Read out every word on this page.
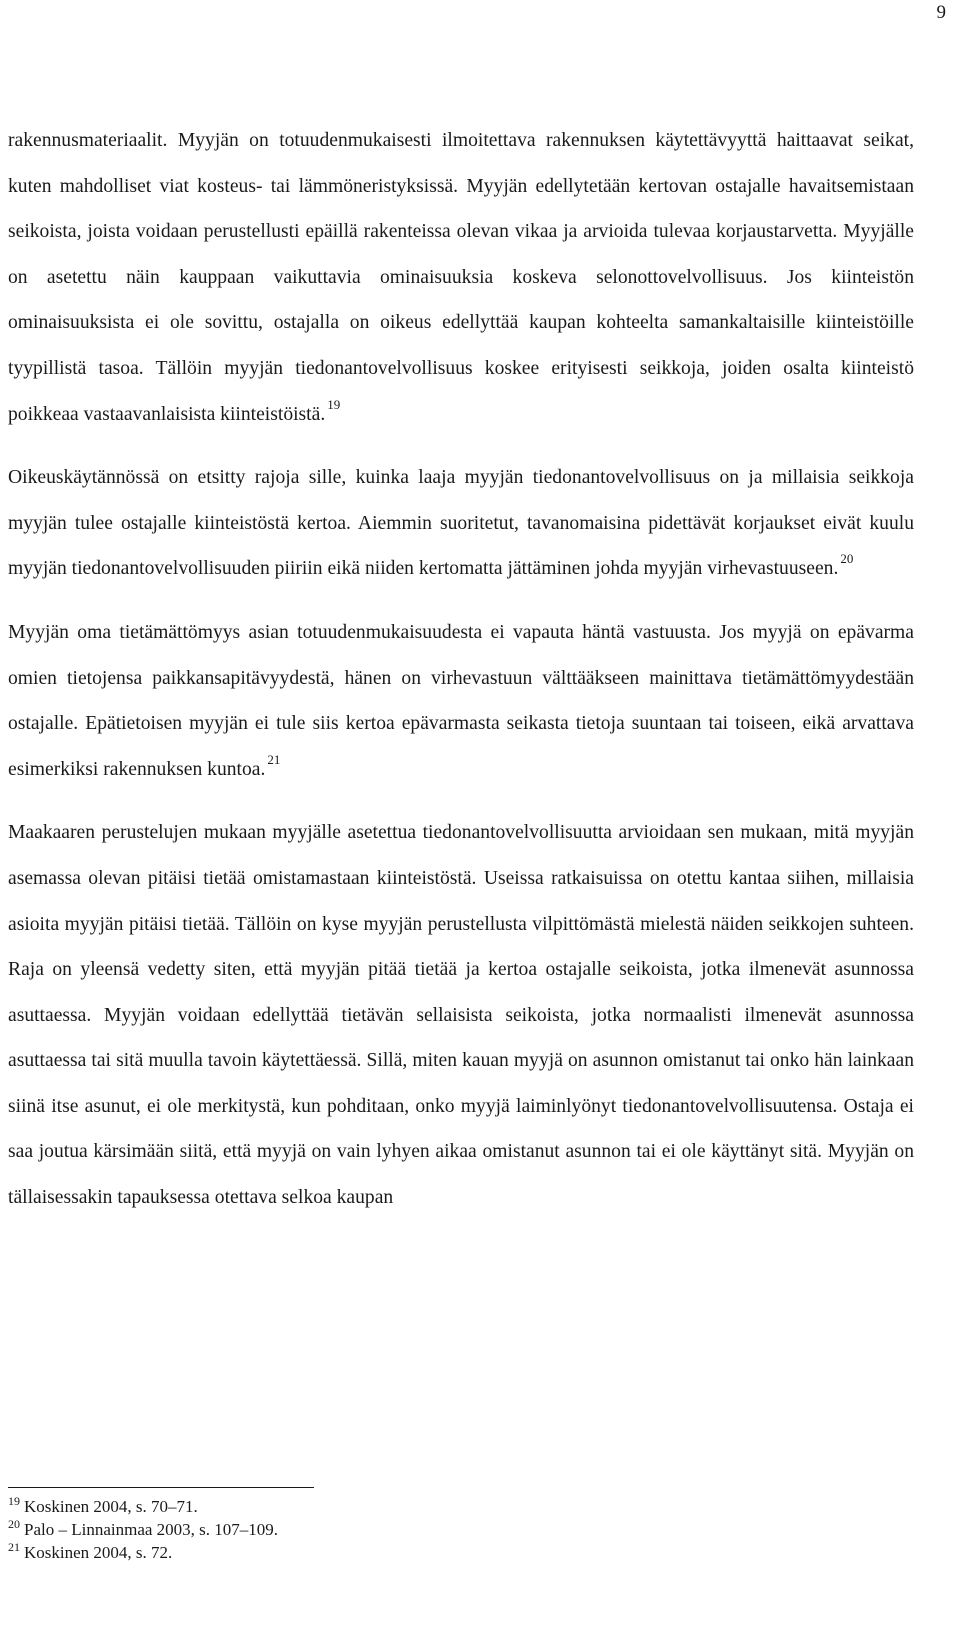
9

rakennusmateriaalit. Myyjän on totuudenmukaisesti ilmoitettava rakennuksen käytettävyyttä haittaavat seikat, kuten mahdolliset viat kosteus- tai lämmöneristyksissä. Myyjän edellytetään kertovan ostajalle havaitsemistaan seikoista, joista voidaan perustellusti epäillä rakenteissa olevan vikaa ja arvioida tulevaa korjaustarvetta. Myyjälle on asetettu näin kauppaan vaikuttavia ominaisuuksia koskeva selonottovelvollisuus. Jos kiinteistön ominaisuuksista ei ole sovittu, ostajalla on oikeus edellyttää kaupan kohteelta samankaltaisille kiinteistöille tyypillistä tasoa. Tällöin myyjän tiedonantovelvollisuus koskee erityisesti seikkoja, joiden osalta kiinteistö poikkeaa vastaavanlaisista kiinteistöistä. $^{19}$

Oikeuskäytännössä on etsitty rajoja sille, kuinka laaja myyjän tiedonantovelvollisuus on ja millaisia seikkoja myyjän tulee ostajalle kiinteistöstä kertoa. Aiemmin suoritetut, tavanomaisina pidettävät korjaukset eivät kuulu myyjän tiedonantovelvollisuuden piiriin eikä niiden kertomatta jättäminen johda myyjän virhevastuuseen. $^{20}$

Myyjän oma tietämättömyys asian totuudenmukaisuudesta ei vapauta häntä vastuusta. Jos myyjä on epävarma omien tietojensa paikkansapitävyydestä, hänen on virhevastuun välttääkseen mainittava tietämättömyydestään ostajalle. Epätietoisen myyjän ei tule siis kertoa epävarmasta seikasta tietoja suuntaan tai toiseen, eikä arvattava esimerkiksi rakennuksen kuntoa. $^{21}$

Maakaaren perustelujen mukaan myyjälle asetettua tiedonantovelvollisuutta arvioidaan sen mukaan, mitä myyjän asemassa olevan pitäisi tietää omistamastaan kiinteistöstä. Useissa ratkaisuissa on otettu kantaa siihen, millaisia asioita myyjän pitäisi tietää. Tällöin on kyse myyjän perustellusta vilpittömästä mielestä näiden seikkojen suhteen. Raja on yleensä vedetty siten, että myyjän pitää tietää ja kertoa ostajalle seikoista, jotka ilmenevät asunnossa asuttaessa. Myyjän voidaan edellyttää tietävän sellaisista seikoista, jotka normaalisti ilmenevät asunnossa asuttaessa tai sitä muulla tavoin käytettäessä. Sillä, miten kauan myyjä on asunnon omistanut tai onko hän lainkaan siinä itse asunut, ei ole merkitystä, kun pohditaan, onko myyjä laiminlyönyt tiedonantovelvollisuutensa. Ostaja ei saa joutua kärsimään siitä, että myyjä on vain lyhyen aikaa omistanut asunnon tai ei ole käyttänyt sitä. Myyjän on tällaisessakin tapauksessa otettava selkoa kaupan

$^{19}$ Koskinen 2004, s. 70–71.

$^{20}$ Palo – Linnainmaa 2003, s. 107–109.

$^{21}$ Koskinen 2004, s. 72.
